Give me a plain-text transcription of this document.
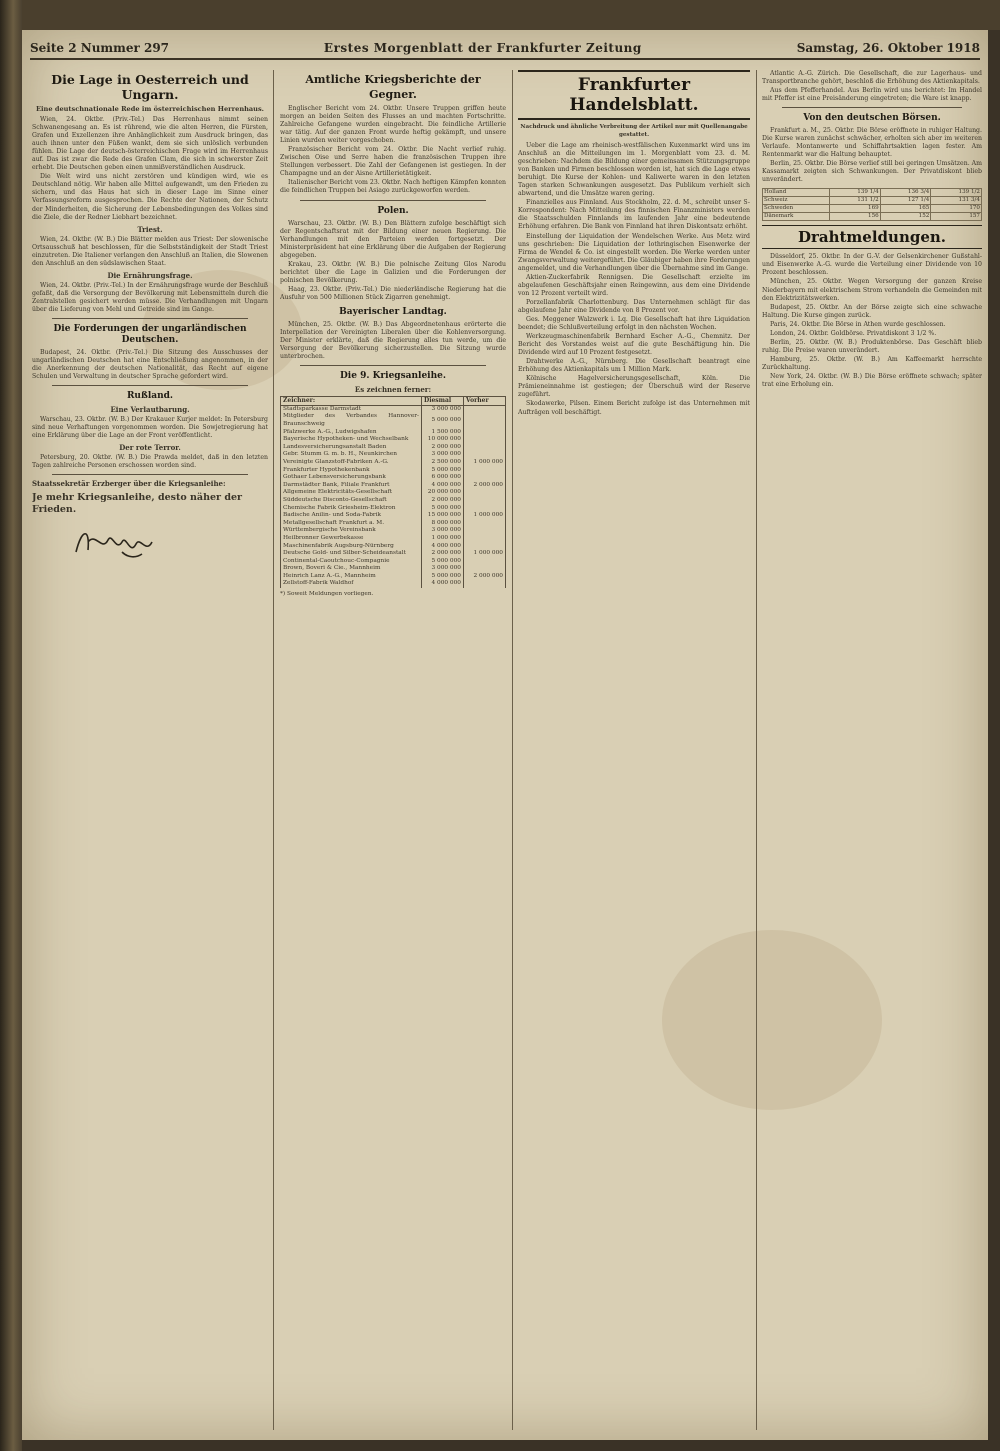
Seite 2 Nummer 297	Erstes Morgenblatt der Frankfurter Zeitung	Samstag, 26. Oktober 1918
Die Lage in Oesterreich und Ungarn.
Eine deutschnationale Rede im österreichischen Herrenhaus.

Wien, 24. Oktbr. (Priv.-Tel.) Das Herrenhaus nimmt seinen Schwanengesang an. Es ist rührend, wie die alten Herren, die Fürsten, Grafen und Exzellenzen ihre Anhänglichkeit zum Ausdruck bringen, das auch ihnen unter den Füßen wankt, dem sie sich unlöslich verbunden fühlen. Die Lage der deutsch-österreichischen Frage wird im Herrenhaus auf. Das ist zwar die Rede des Grafen Clam, die sich in schwerster Zeit erhebt. Die Deutschen geben einen unmißverständlichen Ausdruck.

Die Welt wird uns nicht zerstören und kündigen wird, wie es Deutschland nötig. Wir haben alle Mittel aufgewandt, um den Frieden zu sichern, und das Haus hat sich in dieser Lage im Sinne einer Verfassungsreform ausgesprochen. Die Rechte der Nationen, der Schutz der Minderheiten, die Sicherung der Lebensbedingungen des Volkes sind die Ziele, die der Redner Liebhart bezeichnet.

Triest.

Wien, 24. Oktbr. (W. B.) Die Blätter melden aus Triest: Der slowenische Ortsausschuß hat beschlossen, für die Selbstständigkeit der Stadt Triest einzutreten. Die Italiener verlangen den Anschluß an Italien, die Slowenen den Anschluß an den südslawischen Staat.

Die Ernährungsfrage.

Wien, 24. Oktbr. (Priv.-Tel.) In der Ernährungsfrage wurde der Beschluß gefaßt, daß die Versorgung der Bevölkerung mit Lebensmitteln durch die Zentralstellen gesichert werden müsse. Die Verhandlungen mit Ungarn über die Lieferung von Mehl und Getreide sind im Gange.

Die Forderungen der ungarländischen Deutschen.

Budapest, 24. Oktbr. (Priv.-Tel.) Die Sitzung des Ausschusses der ungarländischen Deutschen hat eine Entschließung angenommen, in der die Anerkennung der deutschen Nationalität, das Recht auf eigene Schulen und Verwaltung in deutscher Sprache gefordert wird.

Rußland.
Eine Verlautbarung.

Warschau, 23. Oktbr. (W. B.) Der Krakauer Kurjer meldet: In Petersburg sind neue Verhaftungen vorgenommen worden. Die Sowjetregierung hat eine Erklärung über die Lage an der Front veröffentlicht.

Der rote Terror.

Petersburg, 20. Oktbr. (W. B.) Die Prawda meldet, daß in den letzten Tagen zahlreiche Personen erschossen worden sind.

Staatssekretär Erzberger über die Kriegsanleihe:
Je mehr Kriegsanleihe, desto näher der Frieden.
Amtliche Kriegsberichte der Gegner.

Englischer Bericht vom 24. Oktbr. Unsere Truppen griffen heute morgen an beiden Seiten des Flusses an und machten Fortschritte. Zahlreiche Gefangene wurden eingebracht. Die feindliche Artillerie war tätig. Auf der ganzen Front wurde heftig gekämpft, und unsere Linien wurden weiter vorgeschoben.

Französischer Bericht vom 24. Oktbr. Die Nacht verlief ruhig. Zwischen Oise und Serre haben die französischen Truppen ihre Stellungen verbessert. Die Zahl der Gefangenen ist gestiegen. In der Champagne und an der Aisne Artillerietätigkeit.

Italienischer Bericht vom 23. Oktbr. Nach heftigen Kämpfen konnten die feindlichen Truppen bei Asiago zurückgeworfen werden.

Polen.

Warschau, 23. Oktbr. (W. B.) Den Blättern zufolge beschäftigt sich der Regentschaftsrat mit der Bildung einer neuen Regierung. Die Verhandlungen mit den Parteien werden fortgesetzt. Der Ministerpräsident hat eine Erklärung über die Aufgaben der Regierung abgegeben.

Krakau, 23. Oktbr. (W. B.) Die polnische Zeitung Glos Narodu berichtet über die Lage in Galizien und die Forderungen der polnischen Bevölkerung.

Haag, 23. Oktbr. (Priv.-Tel.) Die niederländische Regierung hat die Ausfuhr von 500 Millionen Stück Zigarren genehmigt.

Bayerischer Landtag.

München, 25. Oktbr. (W. B.) Das Abgeordnetenhaus erörterte die Interpellation der Vereinigten Liberalen über die Kohlenversorgung. Der Minister erklärte, daß die Regierung alles tun werde, um die Versorgung der Bevölkerung sicherzustellen. Die Sitzung wurde unterbrochen.

Die 9. Kriegsanleihe.
Es zeichnen ferner:
Zeichner:	Diesmal	Vorher
Stadtsparkasse Darmstadt	3 000 000	
Mitglieder des Verbandes Hannover-Braunschweig	5 000 000	
Pfalzwerke A.-G., Ludwigshafen	1 500 000	
Bayerische Hypotheken- und Wechselbank	10 000 000	
Landesversicherungsanstalt Baden	2 000 000	
Gebr. Stumm G. m. b. H., Neunkirchen	3 000 000	
Vereinigte Glanzstoff-Fabriken A.-G.	2 500 000	1 000 000
Frankfurter Hypothekenbank	5 000 000	
Gothaer Lebensversicherungsbank	6 000 000	
Darmstädter Bank, Filiale Frankfurt	4 000 000	2 000 000
Allgemeine Elektricitäts-Gesellschaft	20 000 000	
Süddeutsche Disconto-Gesellschaft	2 000 000	
Chemische Fabrik Griesheim-Elektron	5 000 000	
Badische Anilin- und Soda-Fabrik	15 000 000	1 000 000
Metallgesellschaft Frankfurt a. M.	8 000 000	
Württembergische Vereinsbank	3 000 000	
Heilbronner Gewerbekasse	1 000 000	
Maschinenfabrik Augsburg-Nürnberg	4 000 000	
Deutsche Gold- und Silber-Scheideanstalt	2 000 000	1 000 000
Continental-Caoutchouc-Compagnie	5 000 000	
Brown, Boveri & Cie., Mannheim	3 000 000	
Heinrich Lanz A.-G., Mannheim	5 000 000	2 000 000
Zellstoff-Fabrik Waldhof	4 000 000	
*) Soweit Meldungen vorliegen.
Frankfurter Handelsblatt.
Nachdruck und ähnliche Verbreitung der Artikel nur mit Quellenangabe gestattet.

Ueber die Lage am rheinisch-westfälischen Kuxenmarkt wird uns im Anschluß an die Mitteilungen im 1. Morgenblatt vom 23. d. M. geschrieben: Nachdem die Bildung einer gemeinsamen Stützungsgruppe von Banken und Firmen beschlossen worden ist, hat sich die Lage etwas beruhigt. Die Kurse der Kohlen- und Kaliwerte waren in den letzten Tagen starken Schwankungen ausgesetzt. Das Publikum verhielt sich abwartend, und die Umsätze waren gering.

Finanzielles aus Finnland. Aus Stockholm, 22. d. M., schreibt unser S-Korrespondent: Nach Mitteilung des finnischen Finanzministers werden die Staatsschulden Finnlands im laufenden Jahr eine bedeutende Erhöhung erfahren. Die Bank von Finnland hat ihren Diskontsatz erhöht.

Einstellung der Liquidation der Wendelschen Werke. Aus Metz wird uns geschrieben: Die Liquidation der lothringischen Eisenwerke der Firma de Wendel & Co. ist eingestellt worden. Die Werke werden unter Zwangsverwaltung weitergeführt. Die Gläubiger haben ihre Forderungen angemeldet, und die Verhandlungen über die Übernahme sind im Gange.

Aktien-Zuckerfabrik Rennigsen. Die Gesellschaft erzielte im abgelaufenen Geschäftsjahr einen Reingewinn, aus dem eine Dividende von 12 Prozent verteilt wird.

Porzellanfabrik Charlottenburg. Das Unternehmen schlägt für das abgelaufene Jahr eine Dividende von 8 Prozent vor.

Ges. Meggener Walzwerk i. Lq. Die Gesellschaft hat ihre Liquidation beendet; die Schlußverteilung erfolgt in den nächsten Wochen.

Werkzeugmaschinenfabrik Bernhard Escher A.-G., Chemnitz. Der Bericht des Vorstandes weist auf die gute Beschäftigung hin. Die Dividende wird auf 10 Prozent festgesetzt.

Drahtwerke A.-G., Nürnberg. Die Gesellschaft beantragt eine Erhöhung des Aktienkapitals um 1 Million Mark.

Kölnische Hagelversicherungsgesellschaft, Köln. Die Prämieneinnahme ist gestiegen; der Überschuß wird der Reserve zugeführt.

Skodawerke, Pilsen. Einem Bericht zufolge ist das Unternehmen mit Aufträgen voll beschäftigt.

Atlantic A.-G. Zürich. Die Gesellschaft, die zur Lagerhaus- und Transportbranche gehört, beschloß die Erhöhung des Aktienkapitals.

Aus dem Pfefferhandel. Aus Berlin wird uns berichtet: Im Handel mit Pfeffer ist eine Preisänderung eingetreten; die Ware ist knapp.

Von den deutschen Börsen.

Frankfurt a. M., 25. Oktbr. Die Börse eröffnete in ruhiger Haltung. Die Kurse waren zunächst schwächer, erholten sich aber im weiteren Verlaufe. Montanwerte und Schiffahrtsaktien lagen fester. Am Rentenmarkt war die Haltung behauptet.

Berlin, 25. Oktbr. Die Börse verlief still bei geringen Umsätzen. Am Kassamarkt zeigten sich Schwankungen. Der Privatdiskont blieb unverändert.

Holland	139 1/4	136 3/4	139 1/2
Schweiz	131 1/2	127 1/4	131 3/4
Schweden	169	165	170
Dänemark	156	152	157
Drahtmeldungen.

Düsseldorf, 25. Oktbr. In der G.-V. der Gelsenkirchener Gußstahl- und Eisenwerke A.-G. wurde die Verteilung einer Dividende von 10 Prozent beschlossen.

München, 25. Oktbr. Wegen Versorgung der ganzen Kreise Niederbayern mit elektrischem Strom verhandeln die Gemeinden mit den Elektrizitätswerken.

Budapest, 25. Oktbr. An der Börse zeigte sich eine schwache Haltung. Die Kurse gingen zurück.

Paris, 24. Oktbr. Die Börse in Athen wurde geschlossen.

London, 24. Oktbr. Goldbörse. Privatdiskont 3 1/2 %.

Berlin, 25. Oktbr. (W. B.) Produktenbörse. Das Geschäft blieb ruhig. Die Preise waren unverändert.

Hamburg, 25. Oktbr. (W. B.) Am Kaffeemarkt herrschte Zurückhaltung.

New York, 24. Oktbr. (W. B.) Die Börse eröffnete schwach; später trat eine Erholung ein.
